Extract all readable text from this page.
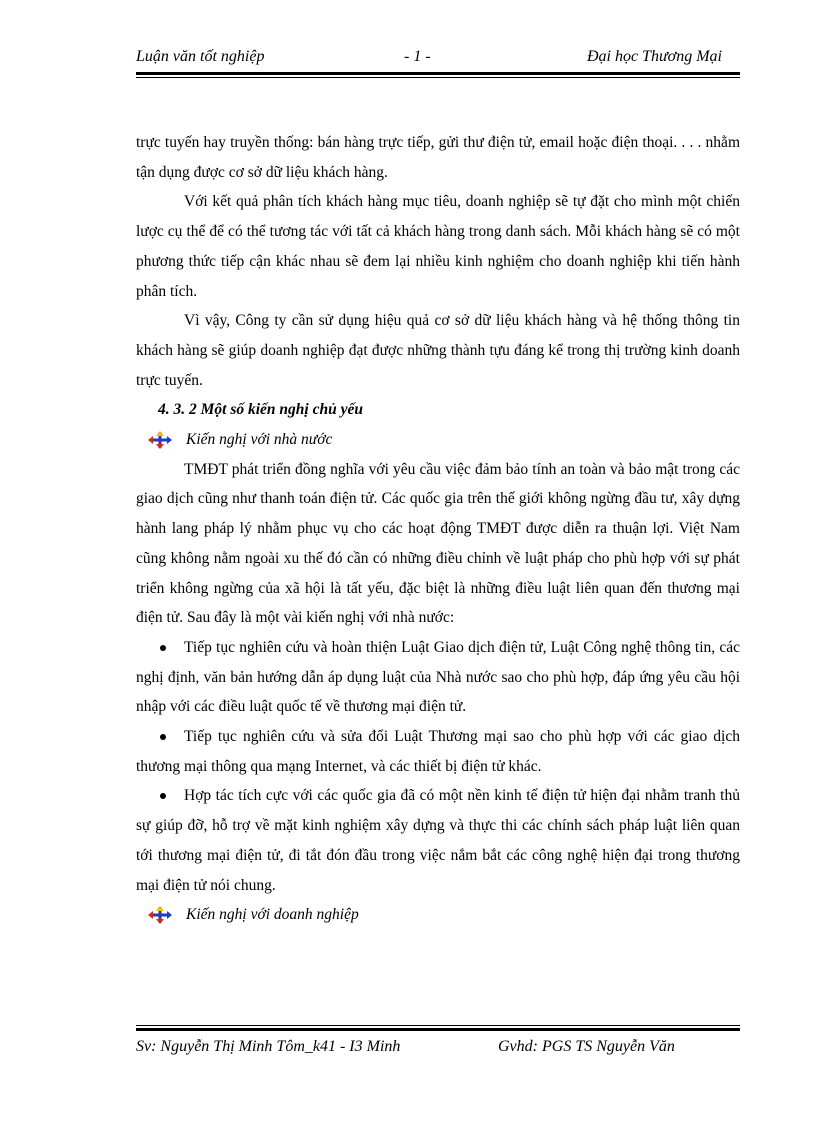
Luận văn tốt nghiệp	- 1 -	Đại học Thương Mại

trực tuyến hay truyền thống: bán hàng trực tiếp, gửi thư điện tử, email hoặc điện thoại. . . . nhằm tận dụng được cơ sở dữ liệu khách hàng.

Với kết quả phân tích khách hàng mục tiêu, doanh nghiệp sẽ tự đặt cho mình một chiến lược cụ thể để có thể tương tác với tất cả khách hàng trong danh sách. Mỗi khách hàng sẽ có một phương thức tiếp cận khác nhau sẽ đem lại nhiều kinh nghiệm cho doanh nghiệp khi tiến hành phân tích.

Vì vậy, Công ty cần sử dụng hiệu quả cơ sở dữ liệu khách hàng và hệ thống thông tin khách hàng sẽ giúp doanh nghiệp đạt được những thành tựu đáng kể trong thị trường kinh doanh trực tuyến.

4. 3. 2 Một số kiến nghị chủ yếu

Kiến nghị với nhà nước

TMĐT phát triển đồng nghĩa với yêu cầu việc đảm bảo tính an toàn và bảo mật trong các giao dịch cũng như thanh toán điện tử. Các quốc gia trên thế giới không ngừng đầu tư, xây dựng hành lang pháp lý nhằm phục vụ cho các hoạt động TMĐT được diễn ra thuận lợi. Việt Nam cũng không nằm ngoài xu thế đó cần có những điều chỉnh về luật pháp cho phù hợp với sự phát triển không ngừng của xã hội là tất yếu, đặc biệt là những điều luật liên quan đến thương mại điện tử. Sau đây là một vài kiến nghị với nhà nước:

Tiếp tục nghiên cứu và hoàn thiện Luật Giao dịch điện tử, Luật Công nghệ thông tin, các nghị định, văn bản hướng dẫn áp dụng luật của Nhà nước sao cho phù hợp, đáp ứng yêu cầu hội nhập với các điều luật quốc tế về thương mại điện tử.

Tiếp tục nghiên cứu và sửa đổi Luật Thương mại sao cho phù hợp với các giao dịch thương mại thông qua mạng Internet, và các thiết bị điện tử khác.

Hợp tác tích cực với các quốc gia đã có một nền kinh tế điện tử hiện đại nhằm tranh thủ sự giúp đỡ, hỗ trợ về mặt kinh nghiệm xây dựng và thực thi các chính sách pháp luật liên quan tới thương mại điện tử, đi tắt đón đầu trong việc nắm bắt các công nghệ hiện đại trong thương mại điện tử nói chung.

Kiến nghị với doanh nghiệp

Sv: Nguyễn Thị Minh Tôm_k41 - I3 Minh	Gvhd: PGS TS Nguyễn Văn
